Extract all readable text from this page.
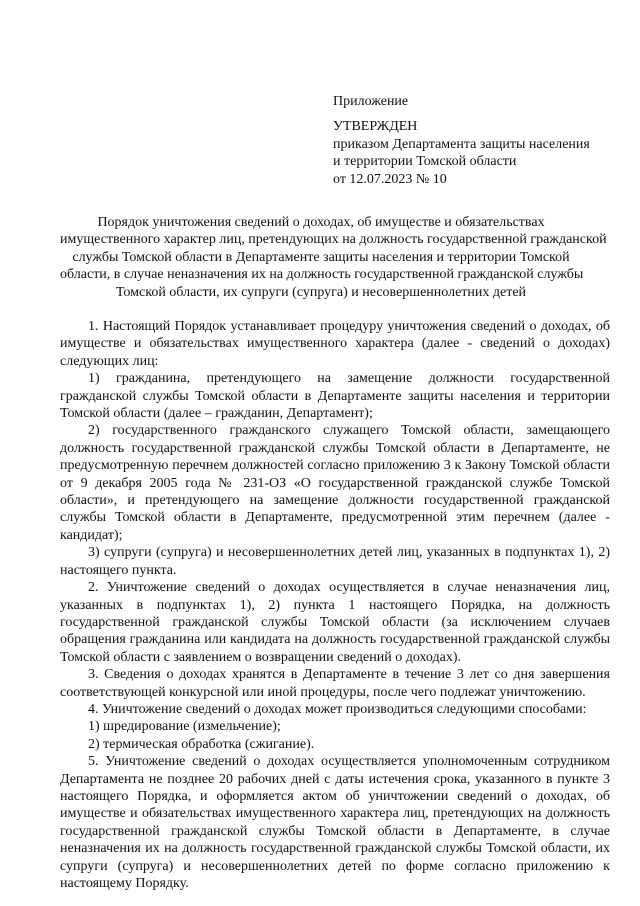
Приложение
УТВЕРЖДЕН
приказом Департамента защиты населения
и территории Томской области
от 12.07.2023 № 10
Порядок уничтожения сведений о доходах, об имуществе и обязательствах
имущественного характер лиц, претендующих на должность государственной гражданской
службы Томской области в Департаменте защиты населения и территории Томской
области, в случае неназначения их на должность государственной гражданской службы
Томской области, их супруги (супруга) и несовершеннолетних детей

1. Настоящий Порядок устанавливает процедуру уничтожения сведений о доходах, об имуществе и обязательствах имущественного характера (далее - сведений о доходах) следующих лиц:

1) гражданина, претендующего на замещение должности государственной гражданской службы Томской области в Департаменте защиты населения и территории Томской области (далее – гражданин, Департамент);

2) государственного гражданского служащего Томской области, замещающего должность государственной гражданской службы Томской области в Департаменте, не предусмотренную перечнем должностей согласно приложению 3 к Закону Томской области от 9 декабря 2005 года № 231-ОЗ «О государственной гражданской службе Томской области», и претендующего на замещение должности государственной гражданской службы Томской области в Департаменте, предусмотренной этим перечнем (далее - кандидат);

3) супруги (супруга) и несовершеннолетних детей лиц, указанных в подпунктах 1), 2) настоящего пункта.

2. Уничтожение сведений о доходах осуществляется в случае неназначения лиц, указанных в подпунктах 1), 2) пункта 1 настоящего Порядка, на должность государственной гражданской службы Томской области (за исключением случаев обращения гражданина или кандидата на должность государственной гражданской службы Томской области с заявлением о возвращении сведений о доходах).

3. Сведения о доходах хранятся в Департаменте в течение 3 лет со дня завершения соответствующей конкурсной или иной процедуры, после чего подлежат уничтожению.

4. Уничтожение сведений о доходах может производиться следующими способами:

1) шредирование (измельчение);

2) термическая обработка (сжигание).

5. Уничтожение сведений о доходах осуществляется уполномоченным сотрудником Департамента не позднее 20 рабочих дней с даты истечения срока, указанного в пункте 3 настоящего Порядка, и оформляется актом об уничтожении сведений о доходах, об имуществе и обязательствах имущественного характера лиц, претендующих на должность государственной гражданской службы Томской области в Департаменте, в случае неназначения их на должность государственной гражданской службы Томской области, их супруги (супруга) и несовершеннолетних детей по форме согласно приложению к настоящему Порядку.
